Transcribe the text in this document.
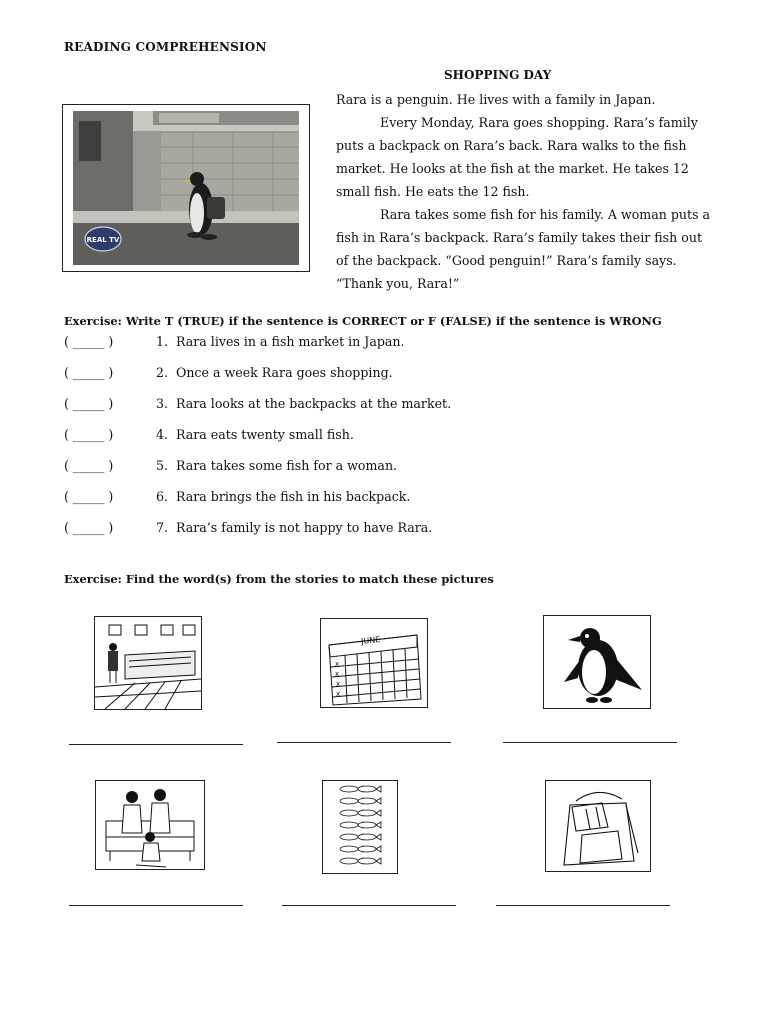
READING COMPREHENSION
SHOPPING DAY
REAL TV

Rara is a penguin. He lives with a family in Japan.

Every Monday, Rara goes shopping. Rara’s family puts a backpack on Rara’s back. Rara walks to the fish market. He looks at the fish at the market. He takes 12 small fish. He eats the 12 fish.

Rara takes some fish for his family. A woman puts a fish in Rara’s backpack. Rara’s family takes their fish out of the backpack. “Good penguin!” Rara’s family says. “Thank you, Rara!”

Exercise: Write T (TRUE) if the sentence is CORRECT or F (FALSE) if the sentence is WRONG
( _____ )	1. Rara lives in a fish market in Japan.
( _____ )	2. Once a week Rara goes shopping.
( _____ )	3. Rara looks at the backpacks at the market.
( _____ )	4. Rara eats twenty small fish.
( _____ )	5. Rara takes some fish for a woman.
( _____ )	6. Rara brings the fish in his backpack.
( _____ )	7. Rara’s family is not happy to have Rara.
Exercise: Find the word(s) from the stories to match these pictures
JUNE
x
x
x
x
